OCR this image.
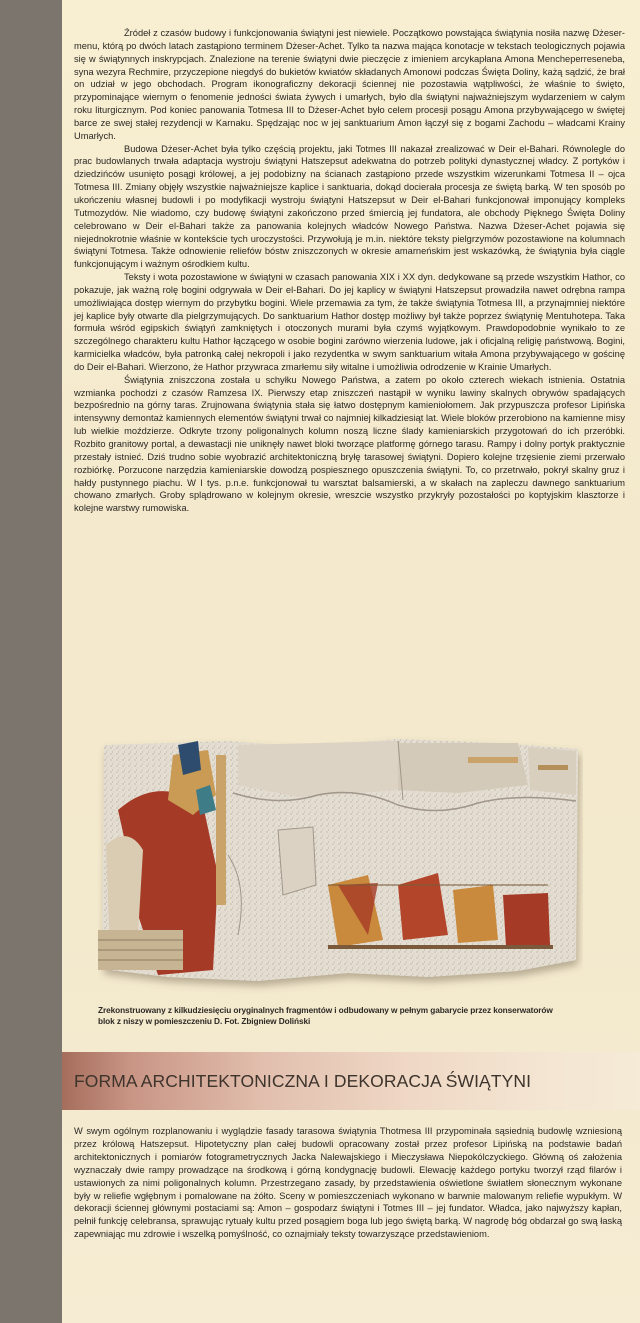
Źródeł z czasów budowy i funkcjonowania świątyni jest niewiele. Początkowo powstająca świątynia nosiła nazwę Dżeser-menu, którą po dwóch latach zastąpiono terminem Dżeser-Achet. Tylko ta nazwa mająca konotacje w tekstach teologicznych pojawia się w świątynnych inskrypcjach. Znalezione na terenie świątyni dwie pieczęcie z imieniem arcykapłana Amona Mencheperreseneba, syna wezyra Rechmire, przyczepione niegdyś do bukietów kwiatów składanych Amonowi podczas Święta Doliny, każą sądzić, że brał on udział w jego obchodach. Program ikonograficzny dekoracji ściennej nie pozostawia wątpliwości, że właśnie to święto, przypominające wiernym o fenomenie jedności świata żywych i umarłych, było dla świątyni najważniejszym wydarzeniem w całym roku liturgicznym. Pod koniec panowania Totmesa III to Dżeser-Achet było celem procesji posągu Amona przybywającego w świętej barce ze swej stałej rezydencji w Karnaku. Spędzając noc w jej sanktuarium Amon łączył się z bogami Zachodu – władcami Krainy Umarłych.

Budowa Dżeser-Achet była tylko częścią projektu, jaki Totmes III nakazał zrealizować w Deir el-Bahari. Równolegle do prac budowlanych trwała adaptacja wystroju świątyni Hatszepsut adekwatna do potrzeb polityki dynastycznej władcy. Z portyków i dziedzińców usunięto posągi królowej, a jej podobizny na ścianach zastąpiono przede wszystkim wizerunkami Totmesa II – ojca Totmesa III. Zmiany objęły wszystkie najważniejsze kaplice i sanktuaria, dokąd docierała procesja ze świętą barką. W ten sposób po ukończeniu własnej budowli i po modyfikacji wystroju świątyni Hatszepsut w Deir el-Bahari funkcjonował imponujący kompleks Tutmozydów. Nie wiadomo, czy budowę świątyni zakończono przed śmiercią jej fundatora, ale obchody Pięknego Święta Doliny celebrowano w Deir el-Bahari także za panowania kolejnych władców Nowego Państwa. Nazwa Dżeser-Achet pojawia się niejednokrotnie właśnie w kontekście tych uroczystości. Przywołują je m.in. niektóre teksty pielgrzymów pozostawione na kolumnach świątyni Totmesa. Także odnowienie reliefów bóstw zniszczonych w okresie amarneńskim jest wskazówką, że świątynia była ciągle funkcjonującym i ważnym ośrodkiem kultu.

Teksty i wota pozostawione w świątyni w czasach panowania XIX i XX dyn. dedykowane są przede wszystkim Hathor, co pokazuje, jak ważną rolę bogini odgrywała w Deir el-Bahari. Do jej kaplicy w świątyni Hatszepsut prowadziła nawet odrębna rampa umożliwiająca dostęp wiernym do przybytku bogini. Wiele przemawia za tym, że także świątynia Totmesa III, a przynajmniej niektóre jej kaplice były otwarte dla pielgrzymujących. Do sanktuarium Hathor dostęp możliwy był także poprzez świątynię Mentuhotepa. Taka formuła wśród egipskich świątyń zamkniętych i otoczonych murami była czymś wyjątkowym. Prawdopodobnie wynikało to ze szczególnego charakteru kultu Hathor łączącego w osobie bogini zarówno wierzenia ludowe, jak i oficjalną religię państwową. Bogini, karmicielka władców, była patronką całej nekropoli i jako rezydentka w swym sanktuarium witała Amona przybywającego w gościnę do Deir el-Bahari. Wierzono, że Hathor przywraca zmarłemu siły witalne i umożliwia odrodzenie w Krainie Umarłych.

Świątynia zniszczona została u schyłku Nowego Państwa, a zatem po około czterech wiekach istnienia. Ostatnia wzmianka pochodzi z czasów Ramzesa IX. Pierwszy etap zniszczeń nastąpił w wyniku lawiny skalnych obrywów spadających bezpośrednio na górny taras. Zrujnowana świątynia stała się łatwo dostępnym kamieniołomem. Jak przypuszcza profesor Lipińska intensywny demontaż kamiennych elementów świątyni trwał co najmniej kilkadziesiąt lat. Wiele bloków przerobiono na kamienne misy lub wielkie moździerze. Odkryte trzony poligonalnych kolumn noszą liczne ślady kamieniarskich przygotowań do ich przeróbki. Rozbito granitowy portal, a dewastacji nie uniknęły nawet bloki tworzące platformę górnego tarasu. Rampy i dolny portyk praktycznie przestały istnieć. Dziś trudno sobie wyobrazić architektoniczną bryłę tarasowej świątyni. Dopiero kolejne trzęsienie ziemi przerwało rozbiórkę. Porzucone narzędzia kamieniarskie dowodzą pospiesznego opuszczenia świątyni. To, co przetrwało, pokrył skalny gruz i hałdy pustynnego piachu. W I tys. p.n.e. funkcjonował tu warsztat balsamierski, a w skałach na zapleczu dawnego sanktuarium chowano zmarłych. Groby splądrowano w kolejnym okresie, wreszcie wszystko przykryły pozostałości po koptyjskim klasztorze i kolejne warstwy rumowiska.

Zrekonstruowany z kilkudziesięciu oryginalnych fragmentów i odbudowany w pełnym gabarycie przez konserwatorów
blok z niszy w pomieszczeniu D. Fot. Zbigniew Doliński
FORMA ARCHITEKTONICZNA I DEKORACJA ŚWIĄTYNI

W swym ogólnym rozplanowaniu i wyglądzie fasady tarasowa świątynia Thotmesa III przypominała sąsiednią budowlę wzniesioną przez królową Hatszepsut. Hipotetyczny plan całej budowli opracowany został przez profesor Lipińską na podstawie badań architektonicznych i pomiarów fotogrametrycznych Jacka Nalewajskiego i Mieczysława Niepokólczyckiego. Główną oś założenia wyznaczały dwie rampy prowadzące na środkową i górną kondygnację budowli. Elewację każdego portyku tworzył rząd filarów i ustawionych za nimi poligonalnych kolumn. Przestrzegano zasady, by przedstawienia oświetlone światłem słonecznym wykonane były w reliefie wgłębnym i pomalowane na żółto. Sceny w pomieszczeniach wykonano w barwnie malowanym reliefie wypukłym. W dekoracji ściennej głównymi postaciami są: Amon – gospodarz świątyni i Totmes III – jej fundator. Władca, jako najwyższy kapłan, pełnił funkcję celebransa, sprawując rytuały kultu przed posągiem boga lub jego świętą barką. W nagrodę bóg obdarzał go swą łaską zapewniając mu zdrowie i wszelką pomyślność, co oznajmiały teksty towarzyszące przedstawieniom.
